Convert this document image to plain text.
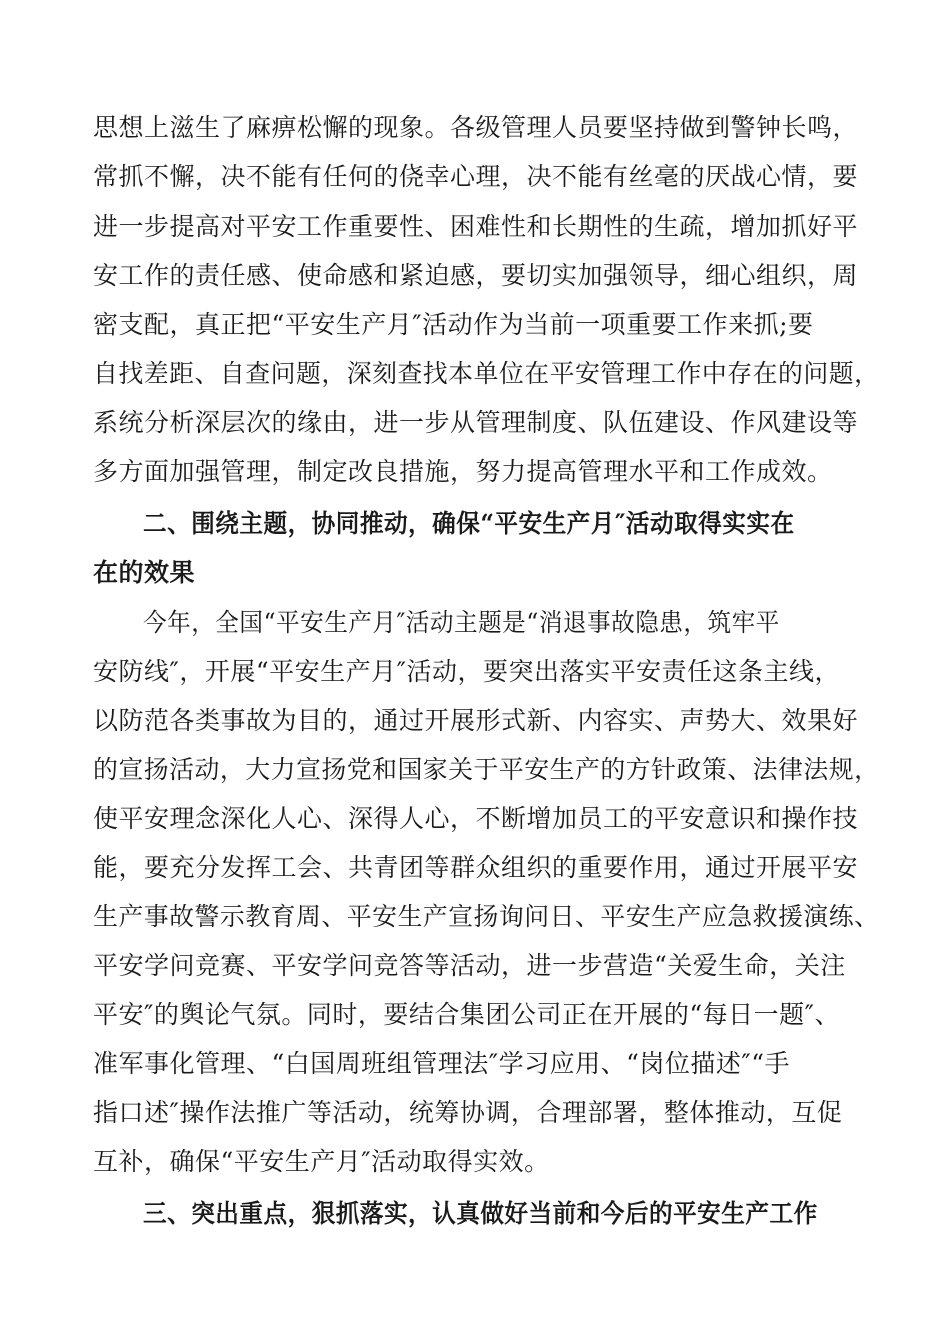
思想上滋生了麻痹松懈的现象。各级管理人员要坚持做到警钟长鸣，
常抓不懈，决不能有任何的侥幸心理，决不能有丝毫的厌战心情，要
进一步提高对平安工作重要性、困难性和长期性的生疏，增加抓好平
安工作的责任感、使命感和紧迫感，要切实加强领导，细心组织，周
密支配，真正把“平安生产月″活动作为当前一项重要工作来抓;要
自找差距、自查问题，深刻查找本单位在平安管理工作中存在的问题，
系统分析深层次的缘由，进一步从管理制度、队伍建设、作风建设等
多方面加强管理，制定改良措施，努力提高管理水平和工作成效。
二、围绕主题，协同推动，确保“平安生产月″活动取得实实在
在的效果
今年，全国“平安生产月″活动主题是“消退事故隐患，筑牢平
安防线″，开展“平安生产月″活动，要突出落实平安责任这条主线，
以防范各类事故为目的，通过开展形式新、内容实、声势大、效果好
的宣扬活动，大力宣扬党和国家关于平安生产的方针政策、法律法规，
使平安理念深化人心、深得人心，不断增加员工的平安意识和操作技
能，要充分发挥工会、共青团等群众组织的重要作用，通过开展平安
生产事故警示教育周、平安生产宣扬询问日、平安生产应急救援演练、
平安学问竞赛、平安学问竞答等活动，进一步营造“关爱生命，关注
平安″的舆论气氛。同时，要结合集团公司正在开展的“每日一题″、
准军事化管理、“白国周班组管理法″学习应用、“岗位描述″“手
指口述″操作法推广等活动，统筹协调，合理部署，整体推动，互促
互补，确保“平安生产月″活动取得实效。
三、突出重点，狠抓落实，认真做好当前和今后的平安生产工作
